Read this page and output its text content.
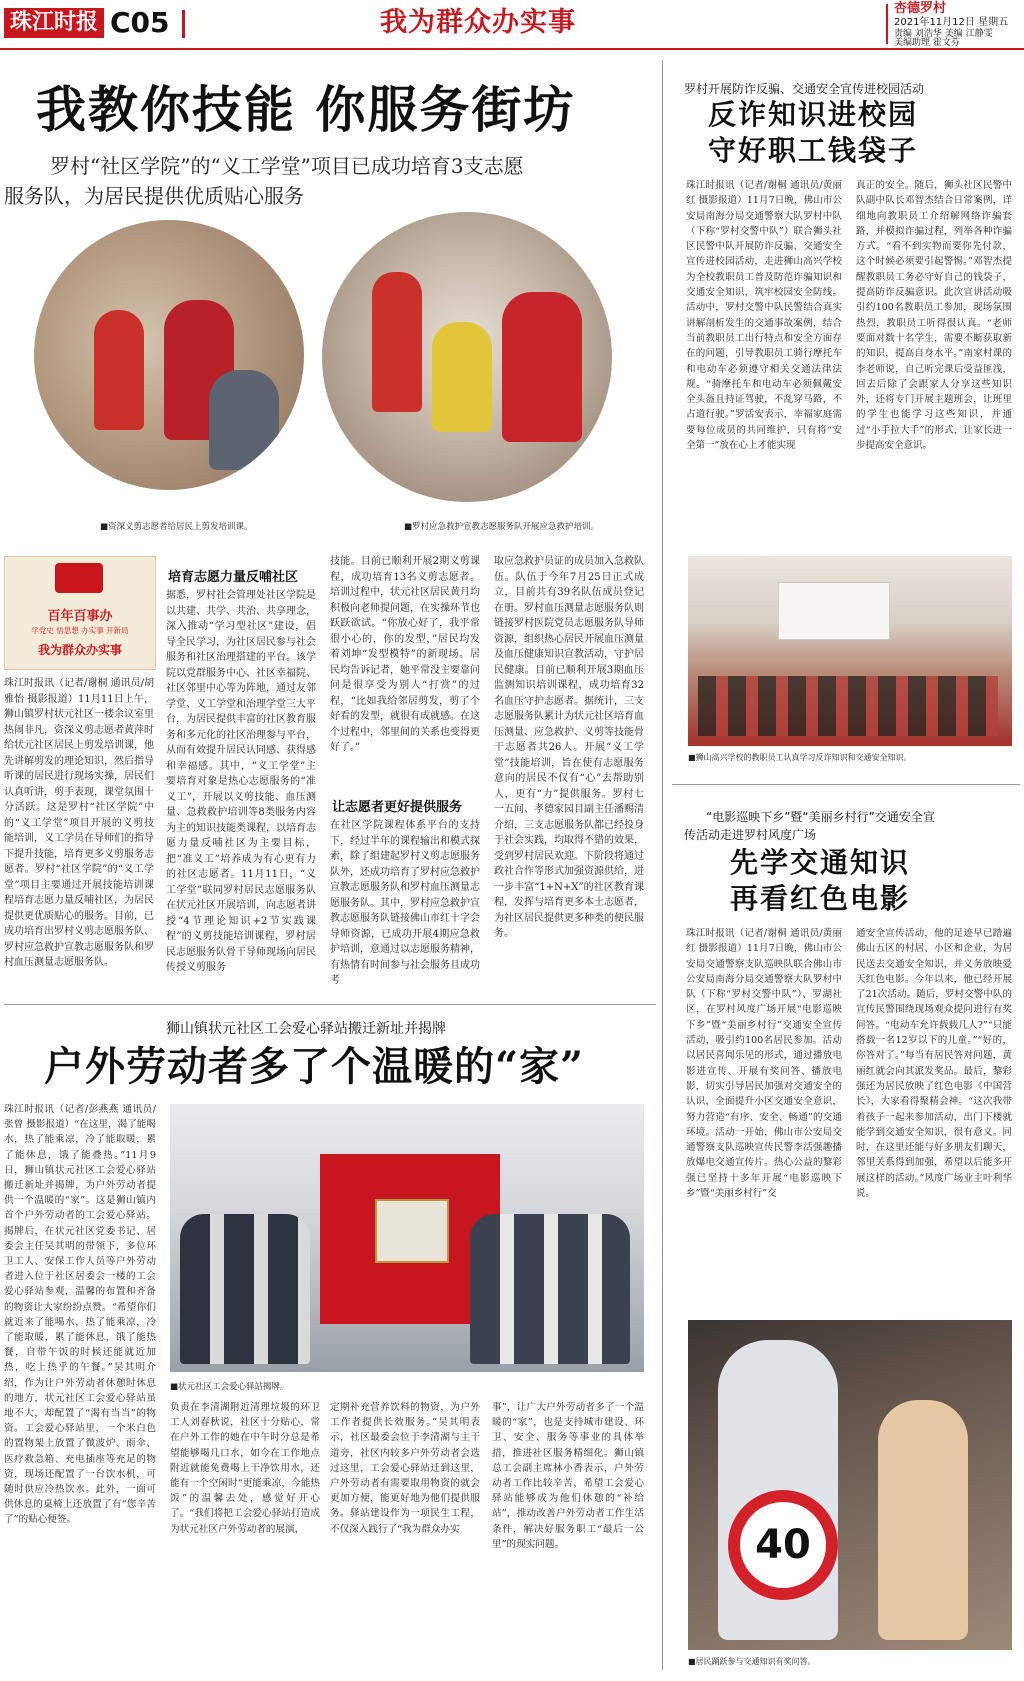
珠江时报 C05	我为群众办实事	杏德罗村
2021年11月12日 星期五
责编 刘浩华 美编 江静雯
美编助理 霍文芬
我教你技能 你服务街坊
罗村“社区学院”的“义工学堂”项目已成功培育3支志愿
服务队，为居民提供优质贴心服务
■资深义剪志愿者给居民上剪发培训课。	■罗村应急救护宣教志愿服务队开展应急救护培训。
百年百事办
学党史 悟思想 办实事 开新局
我为群众办实事
珠江时报讯（记者/谢桐 通讯员/胡雅怡 摄影报道）11月11日上午，狮山镇罗村状元社区一楼余议室里热闹非凡，资深义剪志愿者黄萍时给状元社区居民上剪发培训课，他先讲解剪发的理论知识，然后指导听课的居民进行现场实操，居民们认真听讲，剪手表现，课堂氛围十分活跃。这是罗村“社区学院”中的“义工学堂”项目开展的义剪技能培训，义工学员在导师们的指导下提升技能，培育更多义剪服务志愿者。罗村“社区学院”的“义工学堂”项目主要通过开展技能培训课程培育志愿力量反哺社区，为居民提供更优质贴心的服务。目前，已成功培育出罗村义剪志愿服务队、罗村应急救护宣教志愿服务队和罗村血压测量志愿服务队。
培育志愿力量反哺社区
据悉，罗村社会管理处社区学院是以共建、共学、共治、共享理念，深入推动“学习型社区”建设，倡导全民学习，为社区居民参与社会服务和社区治理搭建的平台。该学院以党群服务中心、社区幸福院、社区邻里中心等为阵地，通过友邻学堂、义工学堂和治理学堂三大平台，为居民提供丰富的社区教育服务和多元化的社区治理参与平台，从而有效提升居民认同感、获得感和幸福感。其中，“义工学堂”主要培育对象是热心志愿服务的“准义工”，开展以义剪技能、血压测量、急救救护培训等8类服务内容为主的知识技能类课程，以培育志愿力量反哺社区为主要目标，把“准义工”培养成为有心更有力的社区志愿者。11月11日，“义工学堂”联同罗村居民志愿服务队在状元社区开展培训，向志愿者讲授“4节理论知识+2节实践课程”的义剪技能培训课程，罗村居民志愿服务队骨干导师现场向居民传授义剪服务
技能。目前已顺利开展2期义剪课程，成功培育13名义剪志愿者。培训过程中，状元社区居民黄月均积极向老师提问题，在实操环节也跃跃欲试。“你放心好了，我平常很小心的，你的发型，”居民均发着刘坤“发型模特”的新现场。居民均告诉记者，她平常没主要靠问问是很享受为别人“打赏”的过程，“比如我给邻居剪发，剪了个好看的发型，就很有成就感。在这个过程中，邻里间的关系也变得更好了。”
让志愿者更好提供服务
在社区学院课程体系平台的支持下，经过半年的课程输出和模式探索，除了组建起罗村义剪志愿服务队外，还成功培育了罗村应急救护宣教志愿服务队和罗村血压测量志愿服务队。其中，罗村应急救护宣教志愿服务队链接佛山市红十字会导师资源，已成功开展4期应急救护培训，意通过以志愿服务精神，有热情有时间参与社会服务且成功考
取应急救护员证的成员加入急救队伍。队伍于今年7月25日正式成立，目前共有39名队伍成员登记在册。罗村血压测量志愿服务队则链接罗村医院党员志愿服务队导师资源，组织热心居民开展血压测量及血压健康知识宣教活动，守护居民健康。目前已顺利开展3期血压监测知识培训课程，成功培育32名血压守护志愿者。据统计，三支志愿服务队累计为状元社区培育血压测量、应急救护、义剪等技能骨干志愿者共26人。开展“义工学堂”技能培训，旨在使有志愿服务意向的居民不仅有“心”去帮助别人，更有“力”提供服务。罗村七一五间、孝德家园目副主任潘赐清介绍，三支志愿服务队都已经投身于社会实践，均取得不错的效果，受到罗村居民欢迎。下阶段将通过政社合作等形式加强资源供给，进一步丰富“1+N+X”的社区教育课程，发挥与培育更多本土志愿者，为社区居民提供更多种类的便民服务。
罗村开展防诈反骗、交通安全宣传进校园活动
反诈知识进校园
守好职工钱袋子
珠江时报讯（记者/谢桐 通讯员/黄丽红 摄影报道）11月7日晚，佛山市公安局南海分局交通警察大队罗村中队（下称“罗村交警中队”）联合狮头社区民警中队开展防诈反骗、交通安全宣传进校园活动，走进狮山高兴学校为全校教职员工普及防范诈骗知识和交通安全知识，筑牢校园安全防线。活动中，罗村交警中队民警结合真实讲解剖析发生的交通事故案例，结合当前教职员工出行特点和安全方面存在的问题，引导教职员工骑行摩托车和电动车必须遵守相关交通法律法规。“骑摩托车和电动车必须佩戴安全头盔且持证驾驶，不乱穿马路，不占道行驶。”罗活安表示，幸福家庭需要每位成员的共同维护，只有将“安全第一”放在心上才能实现
真正的安全。随后，狮头社区民警中队副中队长邓智杰结合日常案例，详细地向教职员工介绍解网络诈骗套路，并模拟诈骗过程，列举各种诈骗方式。“看不到实物而要你先付款，这个时候必须要引起警惕。”邓智杰提醒教职员工务必守好自己的钱袋子，提高防诈反骗意识。此次宣讲活动吸引约100名教职员工参加，现场氛围热烈，教职员工听得很认真。“老师要面对数十名学生，需要不断获取新的知识，提高自身水平。”南家村课的李老师说，自己听完课后受益匪浅，回去后除了会跟家人分享这些知识外，还将专门开展主题班会，让班里的学生也能学习这些知识，并通过“小手拉大手”的形式，让家长进一步提高安全意识。
■狮山高兴学校的教职员工认真学习反诈知识和交通安全知识。
“电影巡映下乡”暨“美丽乡村行”交通安全宣
传活动走进罗村风度广场
先学交通知识
再看红色电影
珠江时报讯（记者/谢桐 通讯员/黄丽红 摄影报道）11月7日晚，佛山市公安局交通警察支队巡映队联合佛山市公安局南海分局交通警察大队罗村中队（下称“罗村交警中队”）、罗湖社区，在罗村风度广场开展“电影巡映下乡”暨“美丽乡村行”交通安全宣传活动，吸引约100名居民参加。活动以居民喜闻乐见的形式，通过播放电影进宣传、开展有奖问答、播放电影，切实引导居民加强对交通安全的认识，全面提升小区交通安全意识，努力营造“有序、安全、畅通”的交通环境。活动一开始，佛山市公安局交通警察支队巡映宣传民警李活强趣播放爆电交通宣传片。热心公益的黎彩强已坚持十多年开展“电影巡映下乡”暨“美丽乡村行”交
通安全宣传活动，他的足迹早已踏遍佛山五区的村居、小区和企业，为居民送去交通安全知识，并义务放映爱天红色电影。今年以来，他已经开展了21次活动。随后，罗村交警中队的宣传民警围绕现场观众提问进行有奖问答。“电动车允许载载几人?”“只能搭载一名12岁以下的儿童。”“好的，你答对了。”每当有居民答对问题，黄丽红就会向其派发奖品。最后，黎彩强还为居民放映了红色电影《中国营长》，大家看得聚精会神。“这次我带着孩子一起来参加活动，出门下楼就能学到交通安全知识，很有意义。同时，在这里还能与好多朋友们聊天，邻里关系得到加强，希望以后能多开展这样的活动。”风度广场业主叶利华说。
40
■居民踊跃参与交通知识有奖问答。
狮山镇状元社区工会爱心驿站搬迁新址并揭牌
户外劳动者多了个温暖的“家”
珠江时报讯（记者/彭燕燕 通讯员/张曾 摄影报道）“在这里，渴了能喝水，热了能乘凉，冷了能取暖，累了能休息，饿了能叠热。”11月9日，狮山镇状元社区工会爱心驿站搬迁新址并揭牌，为户外劳动者提供一个温暖的“家”。这是狮山镇内首个户外劳动者的工会爱心驿站。揭牌后，在状元社区党委书记、居委会主任吴其明的带领下，多位环卫工人、安保工作人员等户外劳动者进入位于社区居委会一楼的工会爱心驿站参观，温馨的布置和齐备的物资让大家纷纷点赞。“希望你们就近来了能喝水，热了能乘凉，冷了能取暖，累了能休息，饿了能热餐，自带午饭的时候还能就近加热，吃上热乎的午餐。”吴其明介绍，作为让户外劳动者休憩时休息的地方，状元社区工会爱心驿站虽地不大，却配置了“渴有当当”的物资。工会爱心驿站里，一个米白色的置物架上放置了微波炉、雨伞、医疗救急箱、充电插座等充足的物资，现场还配置了一台饮水机，可随时供应冷热饮水。此外，一面可供休息的桌椅上还放置了有“您辛苦了”的贴心便签。
■状元社区工会爱心驿站揭牌。
负责在李清湖附近清理垃圾的环卫工人刘春秋说，社区十分贴心，常在户外工作的她在中午时分总是希望能够喝几口水，如今在工作地点附近就能免费喝上干净饮用水，还能有一个空闲时“更能乘凉，今能热饭”的温馨去处，感觉好开心了。“我们将把工会爱心驿站打造成为状元社区户外劳动者的展演，
定期补充营养饮料的物资，为户外工作者提供长效服务。”吴其明表示，社区最委会位于李清湖与主干道旁，社区内较多户外劳动者会选过这里，工会爱心驿站迁到这里，户外劳动者有需要取用物资的就会更加方便，能更好地为他们提供服务。驿站建设作为一项民生工程，不仅深入践行了“我为群众办实
事”，让广大户外劳动者多了一个温暖的“家”，也是支持城市建设、环卫、安全、服务等事业的具体举措，推进社区服务精细化。狮山镇总工会副主席林小香表示，户外劳动者工作比较辛苦，希望工会爱心驿站能够成为他们休憩的“补给站”，推动改善户外劳动者工作生活条件，解决好服务职工“最后一公里”的现实问题。
